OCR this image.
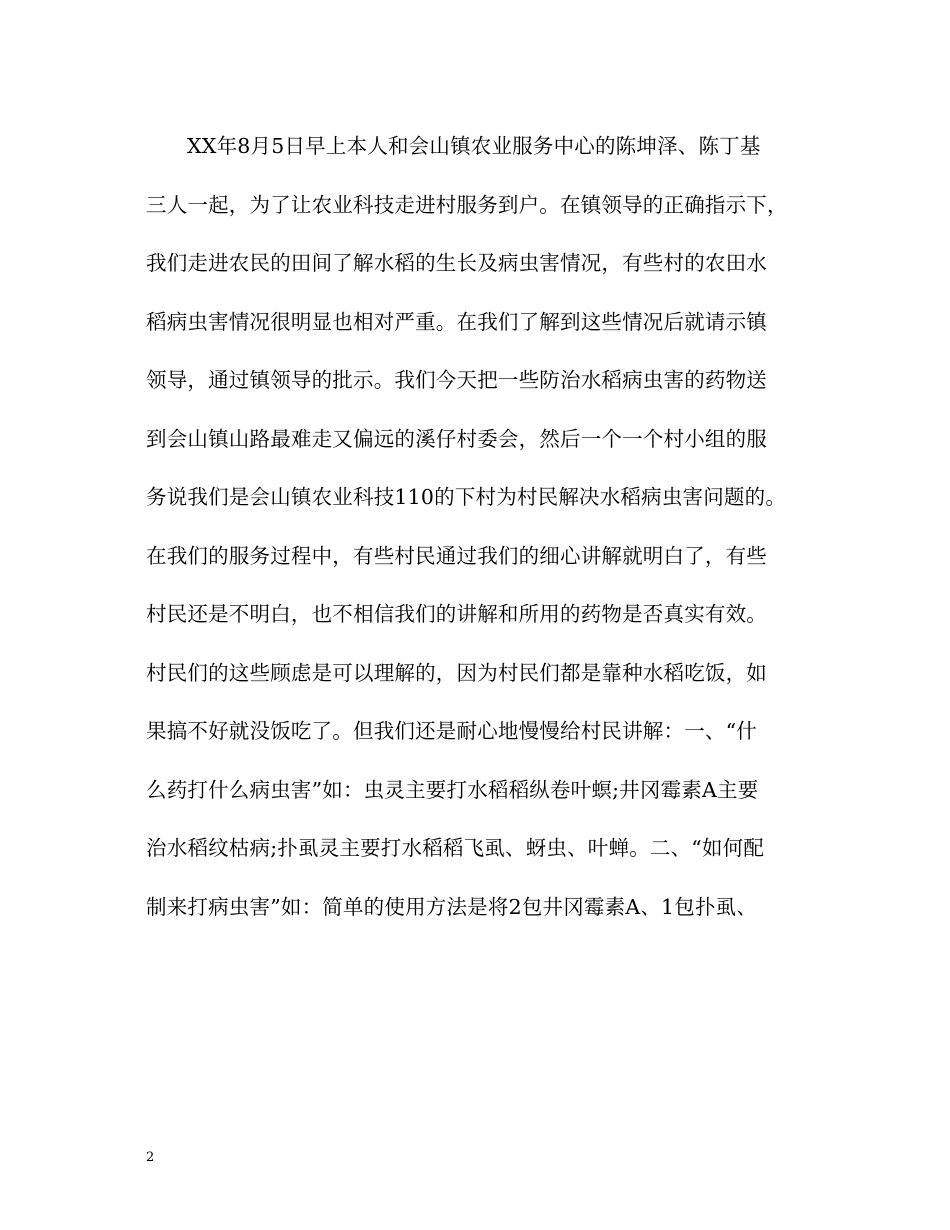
XX年8月5日早上本人和会山镇农业服务中心的陈坤泽、陈丁基
三人一起，为了让农业科技走进村服务到户。在镇领导的正确指示下，
我们走进农民的田间了解水稻的生长及病虫害情况，有些村的农田水
稻病虫害情况很明显也相对严重。在我们了解到这些情况后就请示镇
领导，通过镇领导的批示。我们今天把一些防治水稻病虫害的药物送
到会山镇山路最难走又偏远的溪仔村委会，然后一个一个村小组的服
务说我们是会山镇农业科技110的下村为村民解决水稻病虫害问题的。
在我们的服务过程中，有些村民通过我们的细心讲解就明白了，有些
村民还是不明白，也不相信我们的讲解和所用的药物是否真实有效。
村民们的这些顾虑是可以理解的，因为村民们都是靠种水稻吃饭，如
果搞不好就没饭吃了。但我们还是耐心地慢慢给村民讲解：一、“什
么药打什么病虫害”如：虫灵主要打水稻稻纵卷叶螟;井冈霉素A主要
治水稻纹枯病;扑虱灵主要打水稻稻飞虱、蚜虫、叶蝉。二、“如何配
制来打病虫害”如：简单的使用方法是将2包井冈霉素A、1包扑虱、
2
